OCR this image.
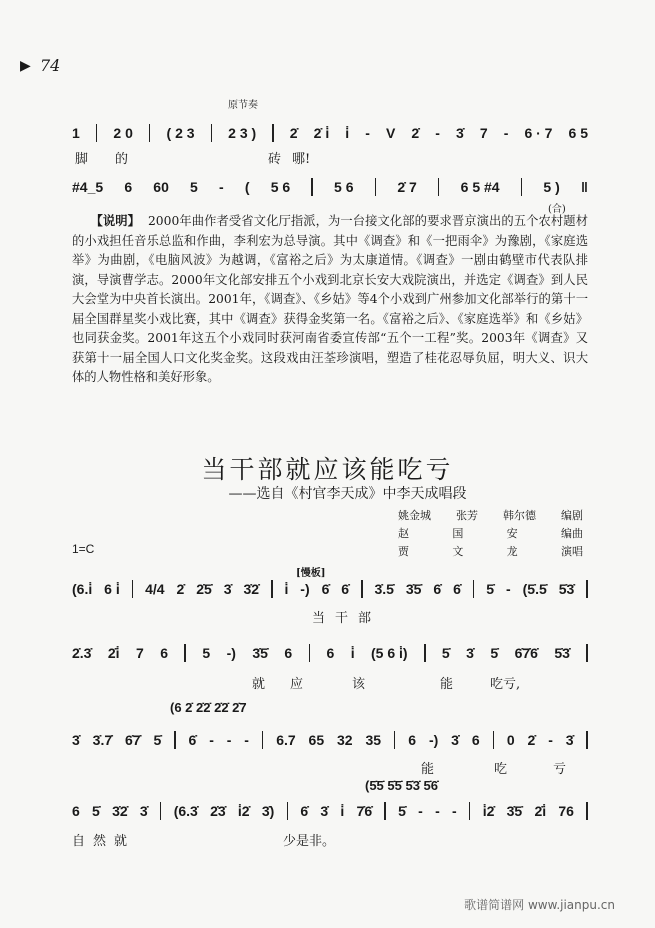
▶ 74
原节奏
1 2 0 ( 2 3 2 3 ) 2̇ 2̇ i̇ i̇ - V 2̇ - 3̇ 7 - 6 · 7 6 5
脚 的	砖 哪!
#4_5 6 60 5 - ( 5 6	5 6	2̇ 7	6 5 #4	5 ) ‖
(合)
【说明】 2000年曲作者受省文化厅指派，为一台接文化部的要求晋京演出的五个农村题材的小戏担任音乐总监和作曲，李利宏为总导演。其中《调查》和《一把雨伞》为豫剧，《家庭选举》为曲剧，《电脑风波》为越调，《富裕之后》为太康道情。《调查》一剧由鹤壁市代表队排演，导演曹学志。2000年文化部安排五个小戏到北京长安大戏院演出，并选定《调查》到人民大会堂为中央首长演出。2001年，《调查》、《乡姑》等4个小戏到广州参加文化部举行的第十一届全国群星奖小戏比赛，其中《调查》获得金奖第一名。《富裕之后》、《家庭选举》和《乡姑》也同获金奖。2001年这五个小戏同时获河南省委宣传部“五个一工程”奖。2003年《调查》又获第十一届全国人口文化奖金奖。这段戏由汪荃珍演唱，塑造了桂花忍辱负屈，明大义、识大体的人物性格和美好形象。
当干部就应该能吃亏
——选自《村官李天成》中李天成唱段
姚金城 张芳 韩尔德 编剧
赵	国	安	编曲
贾	文	龙	演唱
1=C
[慢板]
(6.i̇ 6 i̇ 4/4 2̇ 2̇5̇ 3̇ 3̇2̇ i̇ -) 6̇ 6̇ 3̇.5̇ 3̇5̇ 6̇ 6̇ 5̇ - (5̇.5̇ 5̇3̇
当干部
2̇.3̇ 2̇i̇ 7 6 5 -) 3̇5̇ 6 6 i̇ (5 6 i̇) 5̇ 3̇ 5̇ 6̇7̇6̇ 5̇3̇
就 应	该	能	吃亏,
(6 2̇ 2̇2̇ 2̇2̇ 2̇7
3̇ 3̇.7̇ 6̇7̇ 5̇ 6̇ - - - 6.7 65 32 35 6 -) 3̇ 6 0 2̇ - 3̇
能	吃	亏
(5̇5̇ 5̇5̇ 5̇3̇ 5̇6̇
6 5̇ 3̇2̇ 3̇ (6.3̇ 2̇3̇ i̇2̇ 3̇) 6̇ 3̇ i̇ 7̇6̇ 5̇ - - - i̇2̇ 3̇5̇ 2̇i̇ 76
自然就	少是非。
歌谱简谱网 www.jianpu.cn
